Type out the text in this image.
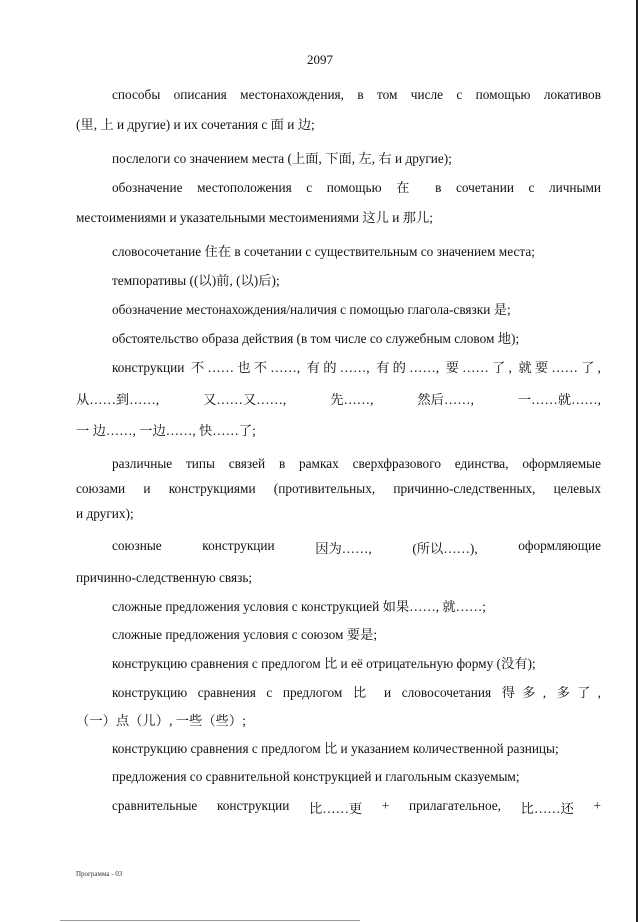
2097

способы описания местонахождения, в том числе с помощью локативов

(里, 上 и другие) и их сочетания с 面 и 边;

послелоги со значением места (上面, 下面, 左, 右 и другие);

обозначение местоположения с помощью 在 в сочетании с личными

местоимениями и указательными местоимениями 这儿 и 那儿;

словосочетание 住在 в сочетании с существительным со значением места;

темпоративы ((以)前, (以)后);

обозначение местонахождения/наличия с помощью глагола-связки 是;

обстоятельство образа действия (в том числе со служебным словом 地);

конструкции 不……也不……, 有的……, 有的……, 要……了, 就要……了,

从……到……,	又……又……,	先……,	然后……,	一……就……,

一 边……, 一边……, 快……了;

различные типы связей в рамках сверхфразового единства, оформляемые

союзами и конструкциями (противительных, причинно-следственных, целевых

и других);

союзные	конструкции	因为……,	(所以……),	оформляющие

причинно-следственную связь;

сложные предложения условия с конструкцией 如果……, 就……;

сложные предложения условия с союзом 要是;

конструкцию сравнения с предлогом 比 и её отрицательную форму (没有);

конструкцию сравнения с предлогом 比 и словосочетания 得多, 多了,

（一）点（儿）, 一些（些）;

конструкцию сравнения с предлогом 比 и указанием количественной разницы;

предложения со сравнительной конструкцией и глагольным сказуемым;

сравнительные конструкции 比……更 + прилагательное, 比……还 +
Программа - 03
